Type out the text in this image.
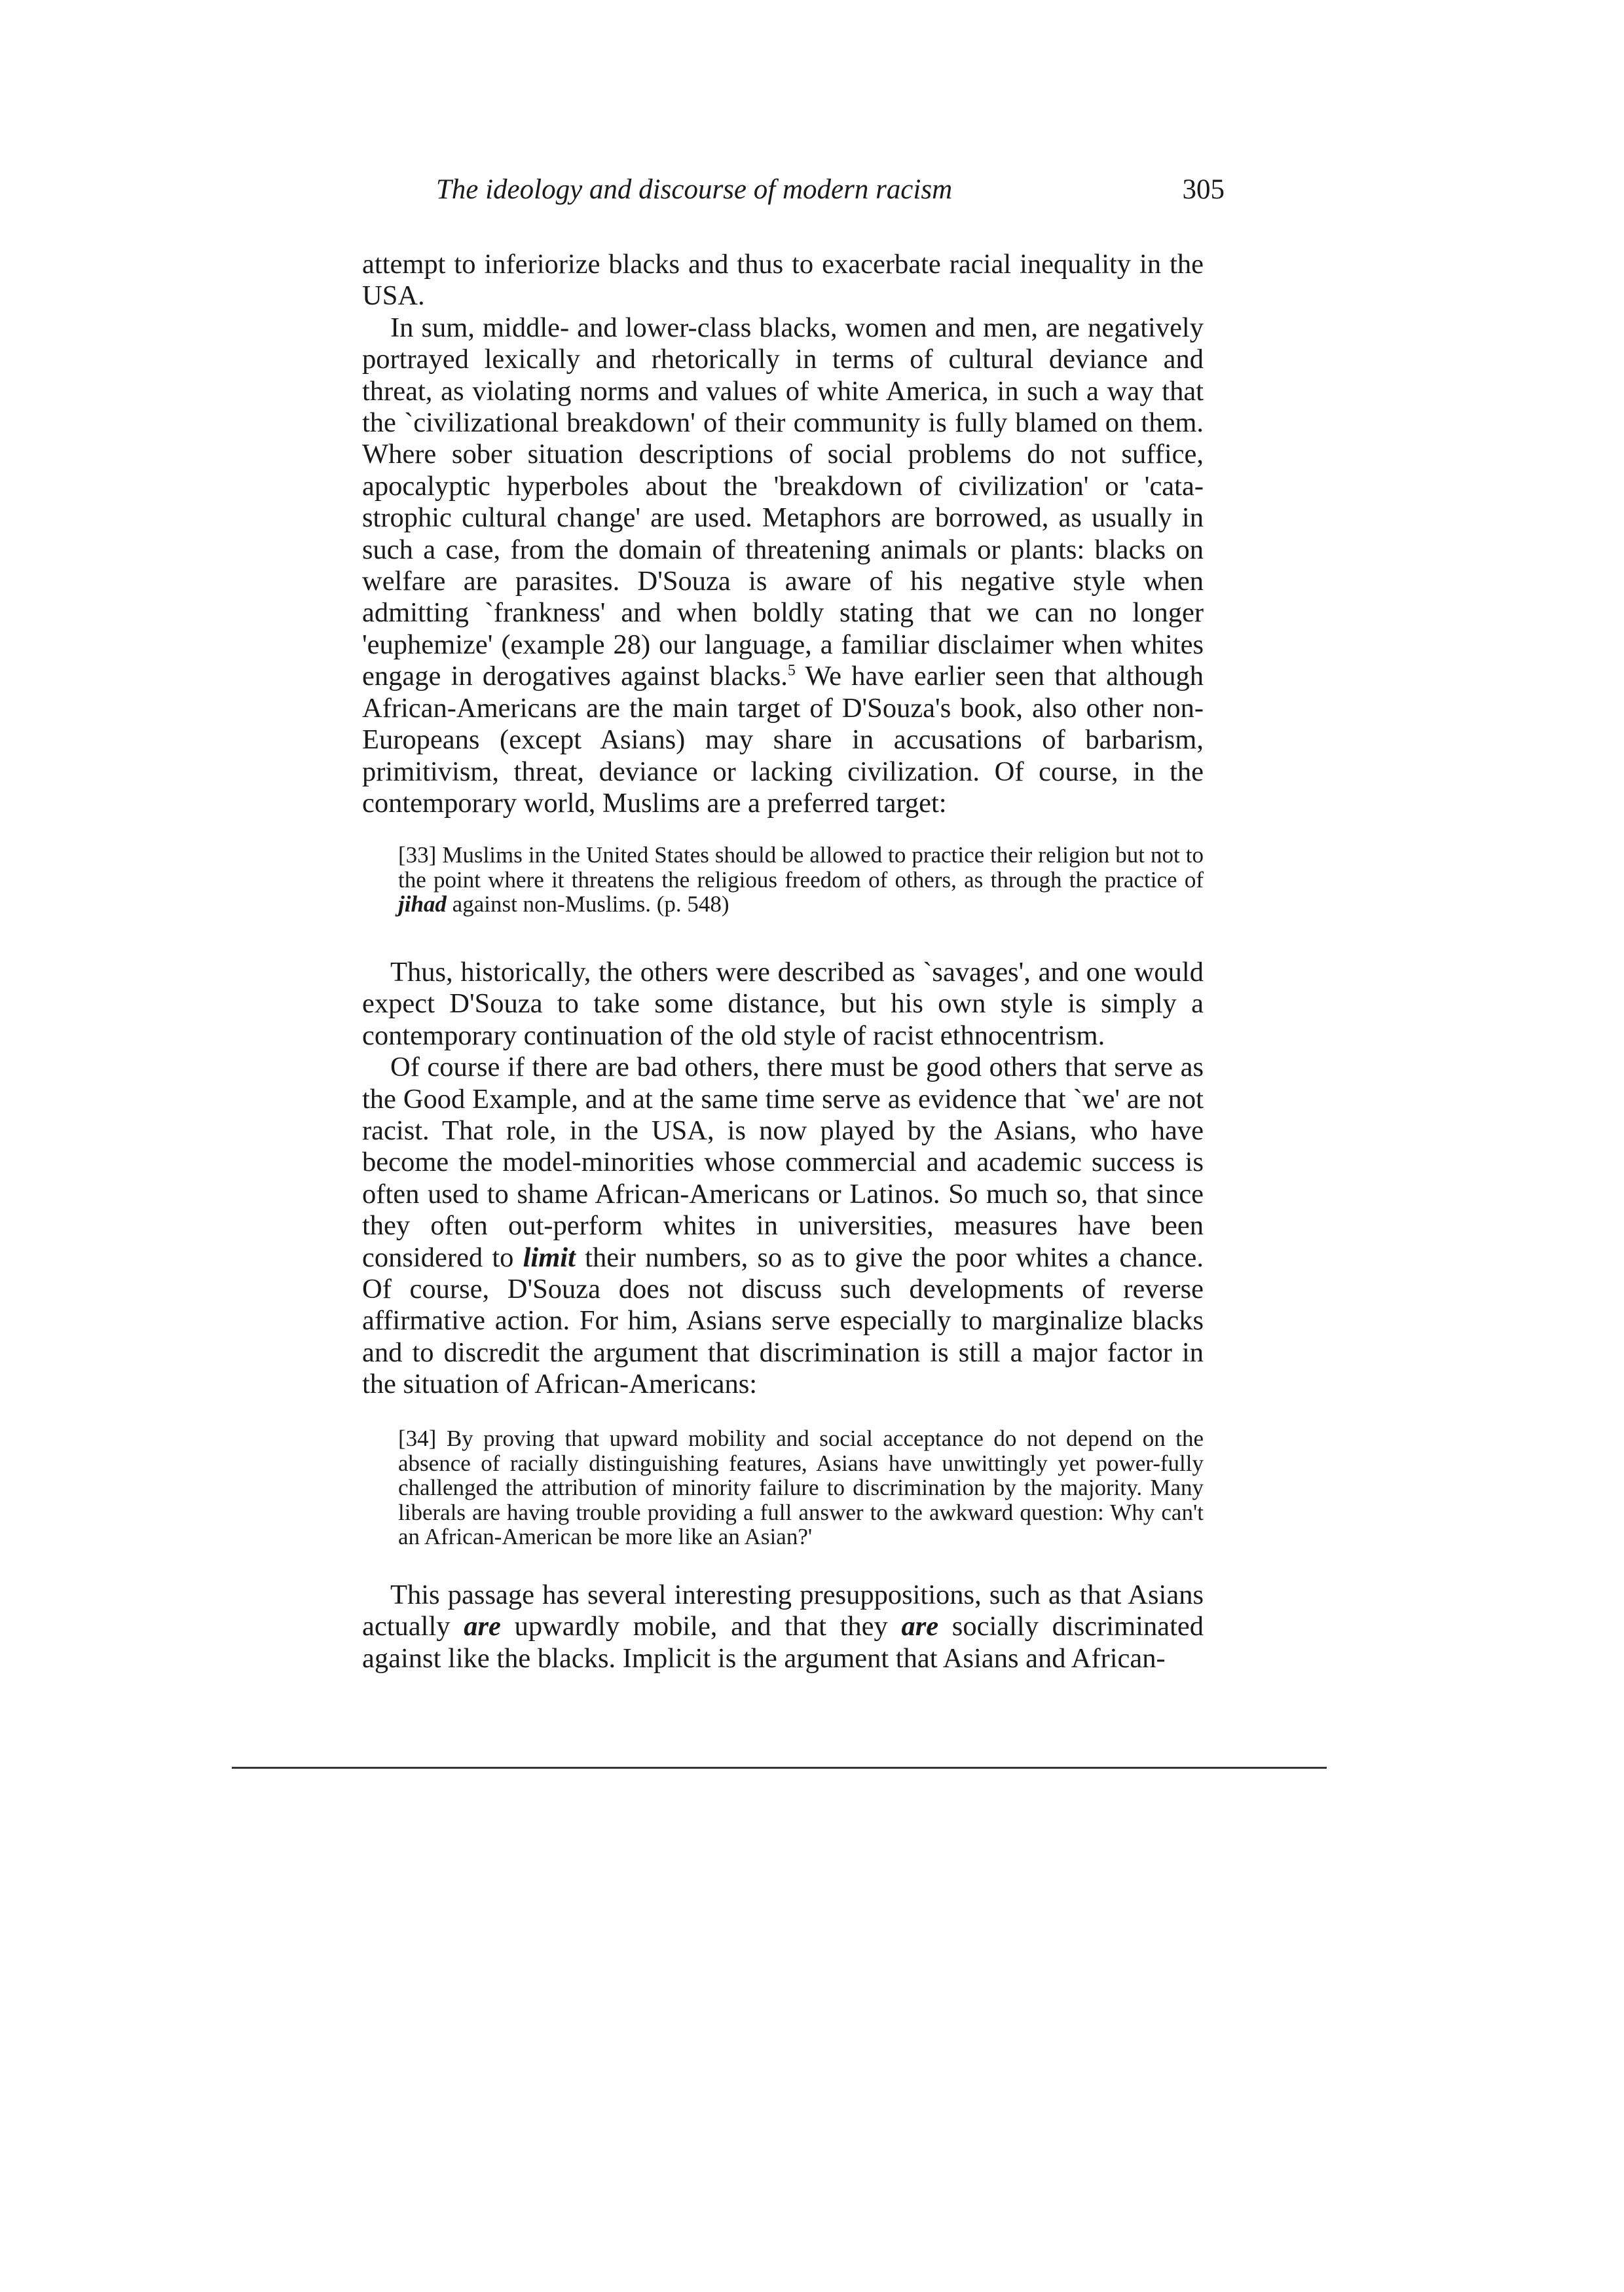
The ideology and discourse of modern racism	305

attempt to inferiorize blacks and thus to exacerbate racial inequality in the USA.

In sum, middle- and lower-class blacks, women and men, are negatively portrayed lexically and rhetorically in terms of cultural deviance and threat, as violating norms and values of white America, in such a way that the `civilizational breakdown' of their community is fully blamed on them. Where sober situation descriptions of social problems do not suffice, apocalyptic hyperboles about the 'breakdown of civilization' or 'cata-strophic cultural change' are used. Metaphors are borrowed, as usually in such a case, from the domain of threatening animals or plants: blacks on welfare are parasites. D'Souza is aware of his negative style when admitting `frankness' and when boldly stating that we can no longer 'euphemize' (example 28) our language, a familiar disclaimer when whites engage in derogatives against blacks.$^5$ We have earlier seen that although African-Americans are the main target of D'Souza's book, also other non-Europeans (except Asians) may share in accusations of barbarism, primitivism, threat, deviance or lacking civilization. Of course, in the contemporary world, Muslims are a preferred target:

[33] Muslims in the United States should be allowed to practice their religion but not to the point where it threatens the religious freedom of others, as through the practice of jihad against non-Muslims. (p. 548)

Thus, historically, the others were described as `savages', and one would expect D'Souza to take some distance, but his own style is simply a contemporary continuation of the old style of racist ethnocentrism.

Of course if there are bad others, there must be good others that serve as the Good Example, and at the same time serve as evidence that `we' are not racist. That role, in the USA, is now played by the Asians, who have become the model-minorities whose commercial and academic success is often used to shame African-Americans or Latinos. So much so, that since they often out-perform whites in universities, measures have been considered to limit their numbers, so as to give the poor whites a chance. Of course, D'Souza does not discuss such developments of reverse affirmative action. For him, Asians serve especially to marginalize blacks and to discredit the argument that discrimination is still a major factor in the situation of African-Americans:

[34] By proving that upward mobility and social acceptance do not depend on the absence of racially distinguishing features, Asians have unwittingly yet power-fully challenged the attribution of minority failure to discrimination by the majority. Many liberals are having trouble providing a full answer to the awkward question: Why can't an African-American be more like an Asian?'

This passage has several interesting presuppositions, such as that Asians actually are upwardly mobile, and that they are socially discriminated against like the blacks. Implicit is the argument that Asians and African-
